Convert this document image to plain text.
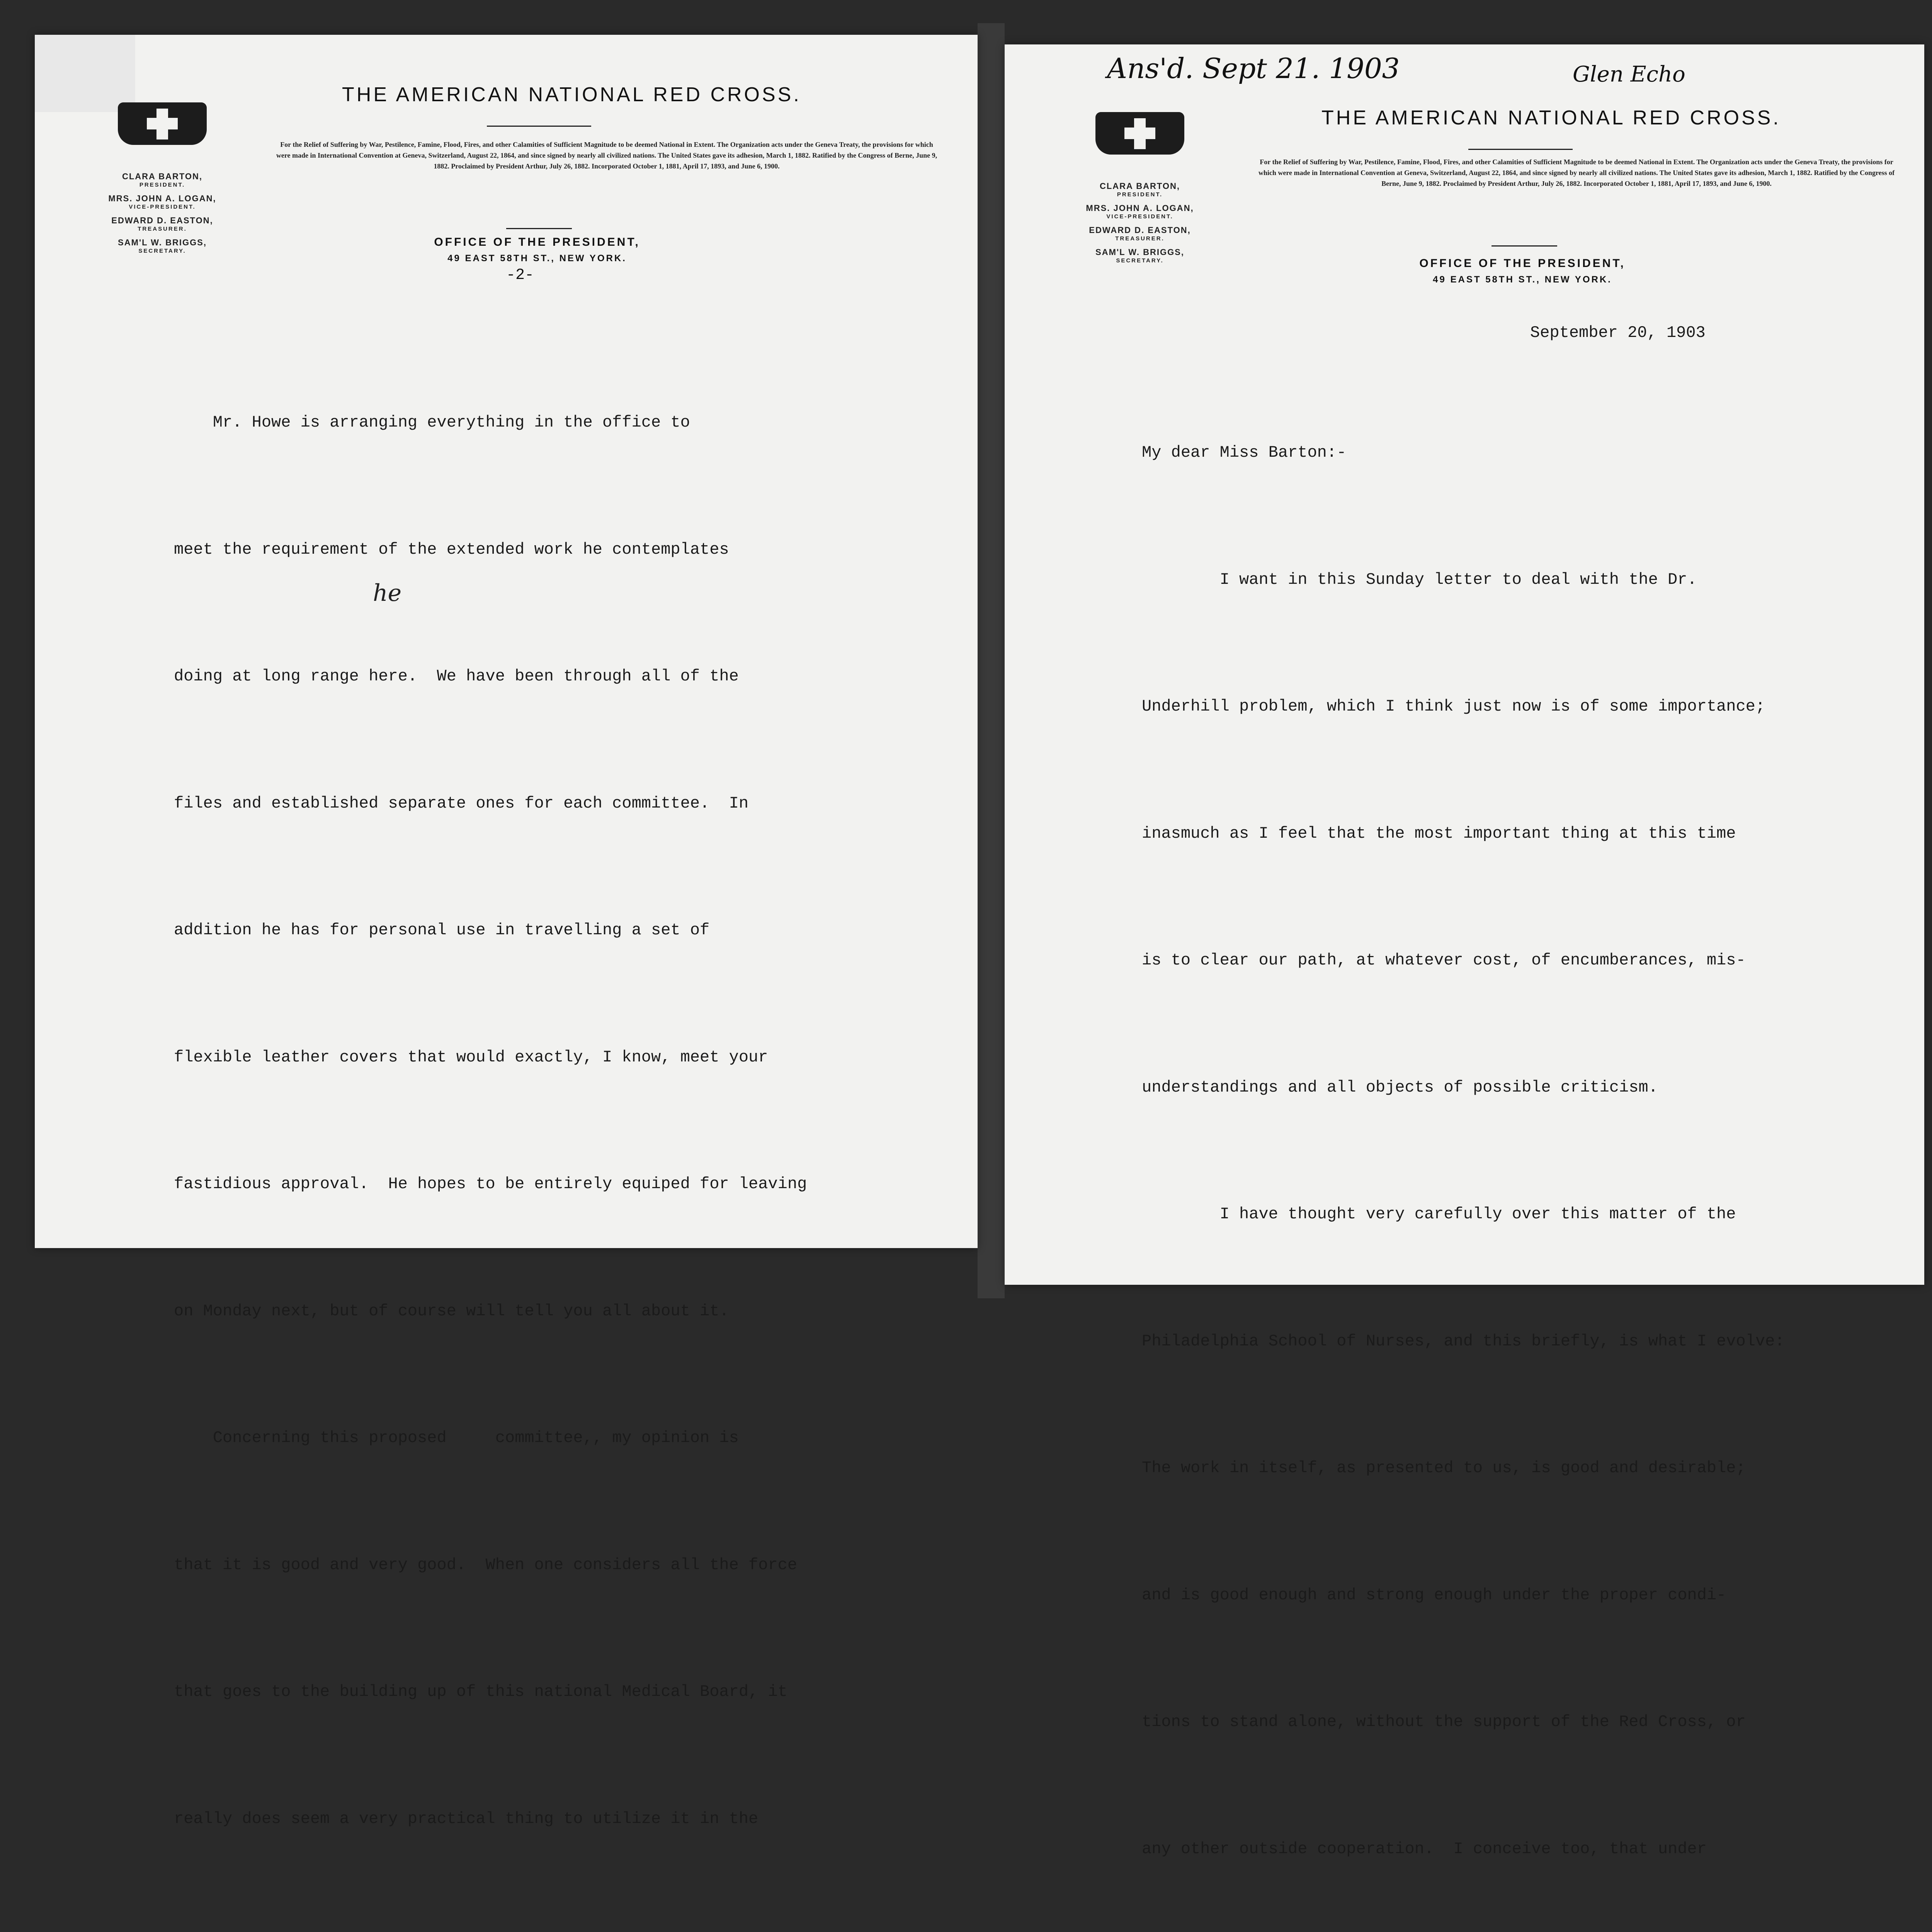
CLARA BARTON,
PRESIDENT.
MRS. JOHN A. LOGAN,
VICE-PRESIDENT.
EDWARD D. EASTON,
TREASURER.
SAM'L W. BRIGGS,
SECRETARY.
THE AMERICAN NATIONAL RED CROSS.
For the Relief of Suffering by War, Pestilence, Famine, Flood, Fires, and other Calamities of Sufficient Magnitude to be deemed National in Extent. The Organization acts under the Geneva Treaty, the provisions for which were made in International Convention at Geneva, Switzerland, August 22, 1864, and since signed by nearly all civilized nations. The United States gave its adhesion, March 1, 1882. Ratified by the Congress of Berne, June 9, 1882. Proclaimed by President Arthur, July 26, 1882. Incorporated October 1, 1881, April 17, 1893, and June 6, 1900.
OFFICE OF THE PRESIDENT,
49 EAST 58TH ST., NEW YORK.
-2-
he

Mr. Howe is arranging everything in the office to

meet the requirement of the extended work he contemplates

doing at long range here.  We have been through all of the

files and established separate ones for each committee.  In

addition he has for personal use in travelling a set of

flexible leather covers that would exactly, I know, meet your

fastidious approval.  He hopes to be entirely equiped for leaving

on Monday next, but of course will tell you all about it.

Concerning this proposed     committee,, my opinion is

that it is good and very good.  When one considers all the force

that goes to the building up of this national Medical Board, it

really does seem a very practical thing to utilize it in the

Ans'd. Sept 21. 1903	Glen Echo
CLARA BARTON,
PRESIDENT.
MRS. JOHN A. LOGAN,
VICE-PRESIDENT.
EDWARD D. EASTON,
TREASURER.
SAM'L W. BRIGGS,
SECRETARY.
THE AMERICAN NATIONAL RED CROSS.
For the Relief of Suffering by War, Pestilence, Famine, Flood, Fires, and other Calamities of Sufficient Magnitude to be deemed National in Extent. The Organization acts under the Geneva Treaty, the provisions for which were made in International Convention at Geneva, Switzerland, August 22, 1864, and since signed by nearly all civilized nations. The United States gave its adhesion, March 1, 1882. Ratified by the Congress of Berne, June 9, 1882. Proclaimed by President Arthur, July 26, 1882. Incorporated October 1, 1881, April 17, 1893, and June 6, 1900.
OFFICE OF THE PRESIDENT,
49 EAST 58TH ST., NEW YORK.
September 20, 1903

My dear Miss Barton:-

I want in this Sunday letter to deal with the Dr.

Underhill problem, which I think just now is of some importance;

inasmuch as I feel that the most important thing at this time

is to clear our path, at whatever cost, of encumberances, mis-

understandings and all objects of possible criticism.

I have thought very carefully over this matter of the

Philadelphia School of Nurses, and this briefly, is what I evolve:

The work in itself, as presented to us, is good and desirable;

and is good enough and strong enough under the proper condi-

tions to stand alone, without the support of the Red Cross, or

any other outside cooperation.  I conceive too, that under
